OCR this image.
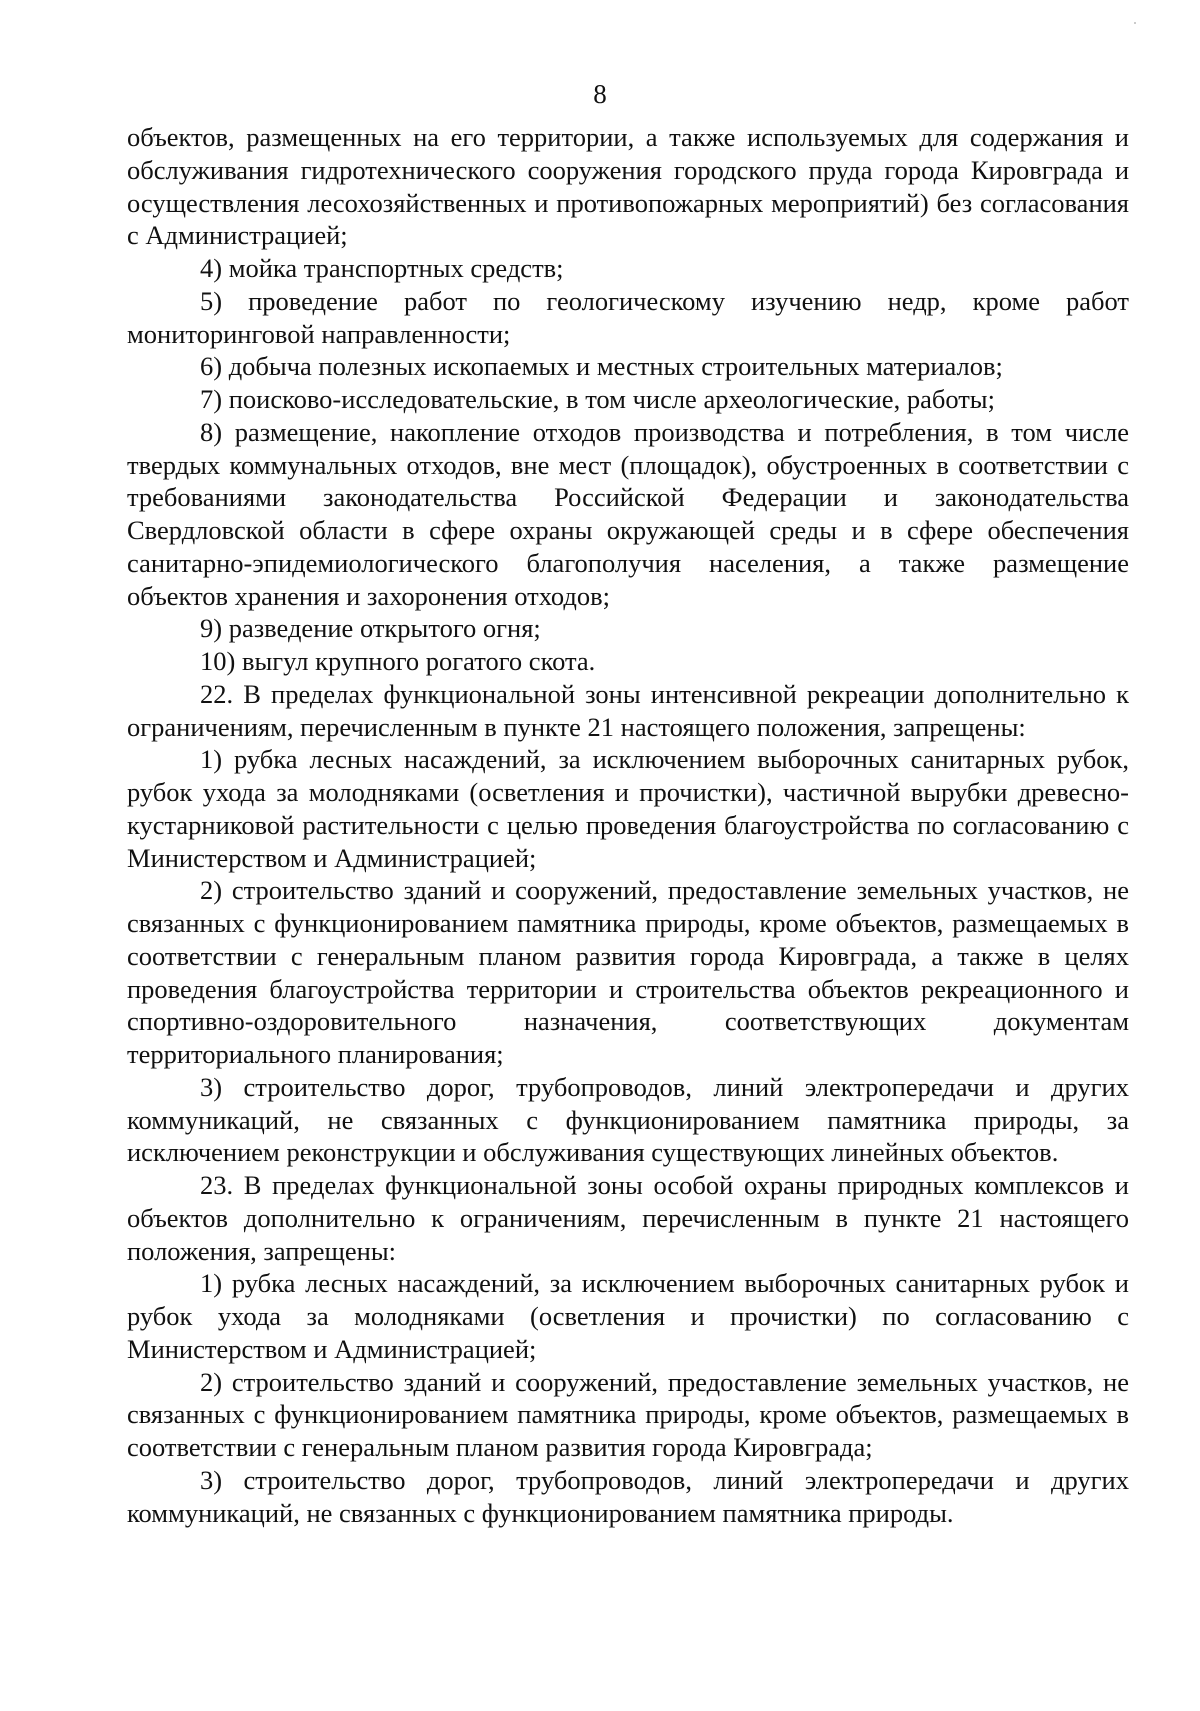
8

объектов, размещенных на его территории, а также используемых для содержания и обслуживания гидротехнического сооружения городского пруда города Кировграда и осуществления лесохозяйственных и противопожарных мероприятий) без согласования с Администрацией;

4) мойка транспортных средств;

5) проведение работ по геологическому изучению недр, кроме работ мониторинговой направленности;

6) добыча полезных ископаемых и местных строительных материалов;

7) поисково-исследовательские, в том числе археологические, работы;

8) размещение, накопление отходов производства и потребления, в том числе твердых коммунальных отходов, вне мест (площадок), обустроенных в соответствии с требованиями законодательства Российской Федерации и законодательства Свердловской области в сфере охраны окружающей среды и в сфере обеспечения санитарно-эпидемиологического благополучия населения, а также размещение объектов хранения и захоронения отходов;

9) разведение открытого огня;

10) выгул крупного рогатого скота.

22. В пределах функциональной зоны интенсивной рекреации дополнительно к ограничениям, перечисленным в пункте 21 настоящего положения, запрещены:

1) рубка лесных насаждений, за исключением выборочных санитарных рубок, рубок ухода за молодняками (осветления и прочистки), частичной вырубки древесно-кустарниковой растительности с целью проведения благоустройства по согласованию с Министерством и Администрацией;

2) строительство зданий и сооружений, предоставление земельных участков, не связанных с функционированием памятника природы, кроме объектов, размещаемых в соответствии с генеральным планом развития города Кировграда, а также в целях проведения благоустройства территории и строительства объектов рекреационного и спортивно-оздоровительного назначения, соответствующих документам территориального планирования;

3) строительство дорог, трубопроводов, линий электропередачи и других коммуникаций, не связанных с функционированием памятника природы, за исключением реконструкции и обслуживания существующих линейных объектов.

23. В пределах функциональной зоны особой охраны природных комплексов и объектов дополнительно к ограничениям, перечисленным в пункте 21 настоящего положения, запрещены:

1) рубка лесных насаждений, за исключением выборочных санитарных рубок и рубок ухода за молодняками (осветления и прочистки) по согласованию с Министерством и Администрацией;

2) строительство зданий и сооружений, предоставление земельных участков, не связанных с функционированием памятника природы, кроме объектов, размещаемых в соответствии с генеральным планом развития города Кировграда;

3) строительство дорог, трубопроводов, линий электропередачи и других коммуникаций, не связанных с функционированием памятника природы.
